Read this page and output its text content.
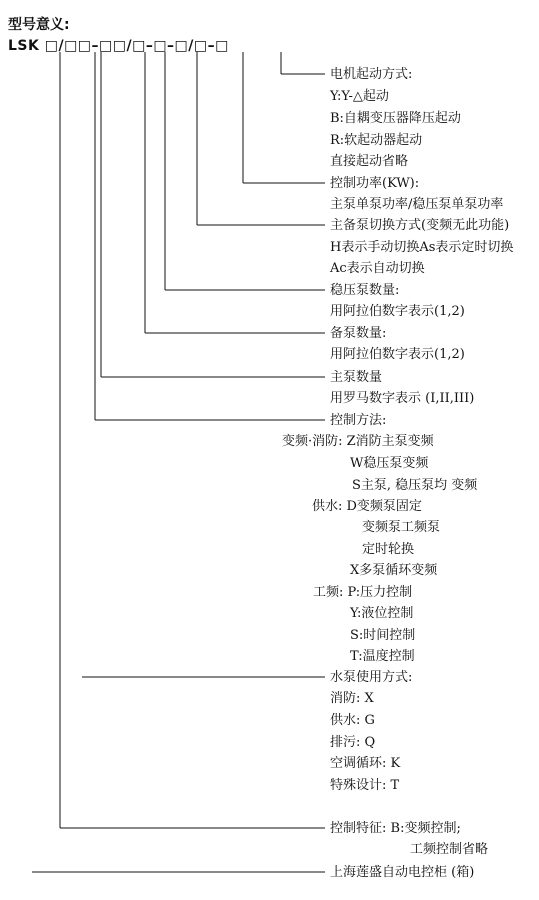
型号意义:
LSK □/□□–□□/□–□–□/□–□
电机起动方式:
Y:Y-△起动
B:自耦变压器降压起动
R:软起动器起动
直接起动省略
控制功率(KW):
主泵单泵功率/稳压泵单泵功率
主备泵切换方式(变频无此功能)
H表示手动切换As表示定时切换
Ac表示自动切换
稳压泵数量:
用阿拉伯数字表示(1,2)
备泵数量:
用阿拉伯数字表示(1,2)
主泵数量
用罗马数字表示 (I,II,III)
控制方法:
变频·消防: Z消防主泵变频
W稳压泵变频
S主泵, 稳压泵均 变频
供水: D变频泵固定
变频泵工频泵
定时轮换
X多泵循环变频
工频: P:压力控制
Y:液位控制
S:时间控制
T:温度控制
水泵使用方式:
消防: X
供水: G
排污: Q
空调循环: K
特殊设计: T
控制特征: B:变频控制;
工频控制省略
上海莲盛自动电控柜 (箱)
